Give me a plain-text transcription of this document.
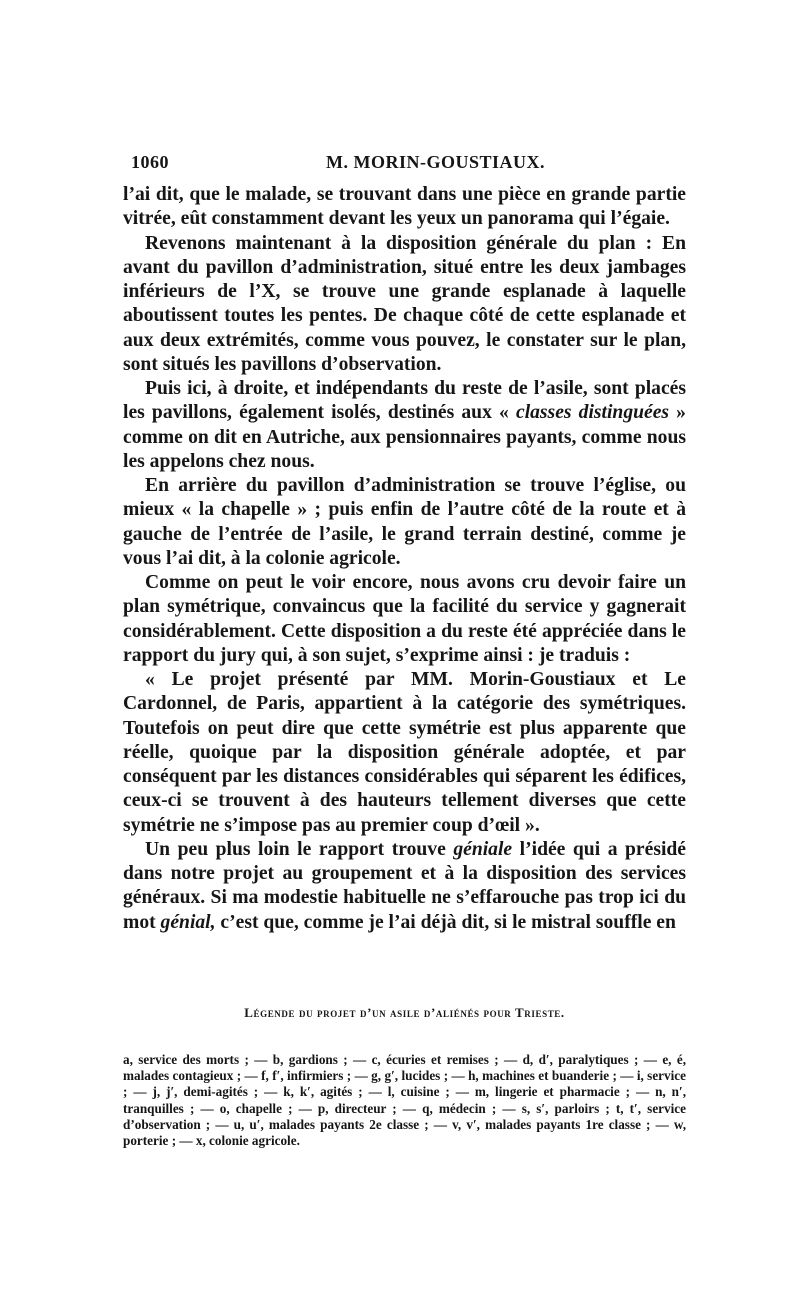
1060	M. MORIN-GOUSTIAUX.

l’ai dit, que le malade, se trouvant dans une pièce en grande partie vitrée, eût constamment devant les yeux un panorama qui l’égaie.

Revenons maintenant à la disposition générale du plan : En avant du pavillon d’administration, situé entre les deux jambages inférieurs de l’X, se trouve une grande esplanade à laquelle aboutissent toutes les pentes. De chaque côté de cette esplanade et aux deux extrémités, comme vous pouvez, le constater sur le plan, sont situés les pavillons d’observation.

Puis ici, à droite, et indépendants du reste de l’asile, sont placés les pavillons, également isolés, destinés aux « classes distinguées » comme on dit en Autriche, aux pensionnaires payants, comme nous les appelons chez nous.

En arrière du pavillon d’administration se trouve l’église, ou mieux « la chapelle » ; puis enfin de l’autre côté de la route et à gauche de l’entrée de l’asile, le grand terrain destiné, comme je vous l’ai dit, à la colonie agricole.

Comme on peut le voir encore, nous avons cru devoir faire un plan symétrique, convaincus que la facilité du service y gagnerait considérablement. Cette disposition a du reste été appréciée dans le rapport du jury qui, à son sujet, s’exprime ainsi : je traduis :

« Le projet présenté par MM. Morin-Goustiaux et Le Cardonnel, de Paris, appartient à la catégorie des symétriques. Toutefois on peut dire que cette symétrie est plus apparente que réelle, quoique par la disposition générale adoptée, et par conséquent par les distances considérables qui séparent les édifices, ceux-ci se trouvent à des hauteurs tellement diverses que cette symétrie ne s’impose pas au premier coup d’œil ».

Un peu plus loin le rapport trouve géniale l’idée qui a présidé dans notre projet au groupement et à la disposition des services généraux. Si ma modestie habituelle ne s’effarouche pas trop ici du mot génial, c’est que, comme je l’ai déjà dit, si le mistral souffle en

Légende du projet d’un asile d’aliénés pour Trieste.

a, service des morts ; — b, gardions ; — c, écuries et remises ; — d, d′, paralytiques ; — e, é, malades contagieux ; — f, f′, infirmiers ; — g, g′, lucides ; — h, machines et buanderie ; — i, service ; — j, j′, demi-agités ; — k, k′, agités ; — l, cuisine ; — m, lingerie et pharmacie ; — n, n′, tranquilles ; — o, chapelle ; — p, directeur ; — q, médecin ; — s, s′, parloirs ; t, t′, service d’observation ; — u, u′, malades payants 2e classe ; — v, v′, malades payants 1re classe ; — w, porterie ; — x, colonie agricole.
